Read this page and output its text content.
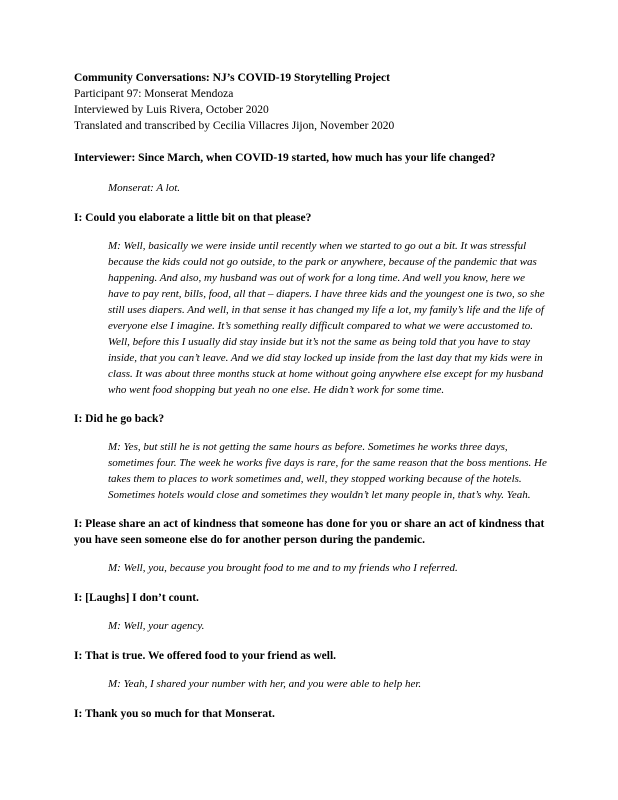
Community Conversations: NJ’s COVID-19 Storytelling Project

Participant 97: Monserat Mendoza

Interviewed by Luis Rivera, October 2020

Translated and transcribed by Cecilia Villacres Jijon, November 2020

Interviewer: Since March, when COVID-19 started, how much has your life changed?

Monserat: A lot.

I: Could you elaborate a little bit on that please?

M: Well, basically we were inside until recently when we started to go out a bit. It was stressful because the kids could not go outside, to the park or anywhere, because of the pandemic that was happening. And also, my husband was out of work for a long time. And well you know, here we have to pay rent, bills, food, all that – diapers. I have three kids and the youngest one is two, so she still uses diapers. And well, in that sense it has changed my life a lot, my family’s life and the life of everyone else I imagine. It’s something really difficult compared to what we were accustomed to. Well, before this I usually did stay inside but it’s not the same as being told that you have to stay inside, that you can’t leave. And we did stay locked up inside from the last day that my kids were in class. It was about three months stuck at home without going anywhere else except for my husband who went food shopping but yeah no one else. He didn’t work for some time.

I: Did he go back?

M: Yes, but still he is not getting the same hours as before. Sometimes he works three days, sometimes four. The week he works five days is rare, for the same reason that the boss mentions. He takes them to places to work sometimes and, well, they stopped working because of the hotels. Sometimes hotels would close and sometimes they wouldn’t let many people in, that’s why. Yeah.

I: Please share an act of kindness that someone has done for you or share an act of kindness that you have seen someone else do for another person during the pandemic.

M: Well, you, because you brought food to me and to my friends who I referred.

I: [Laughs] I don’t count.

M: Well, your agency.

I: That is true. We offered food to your friend as well.

M: Yeah, I shared your number with her, and you were able to help her.

I: Thank you so much for that Monserat.
